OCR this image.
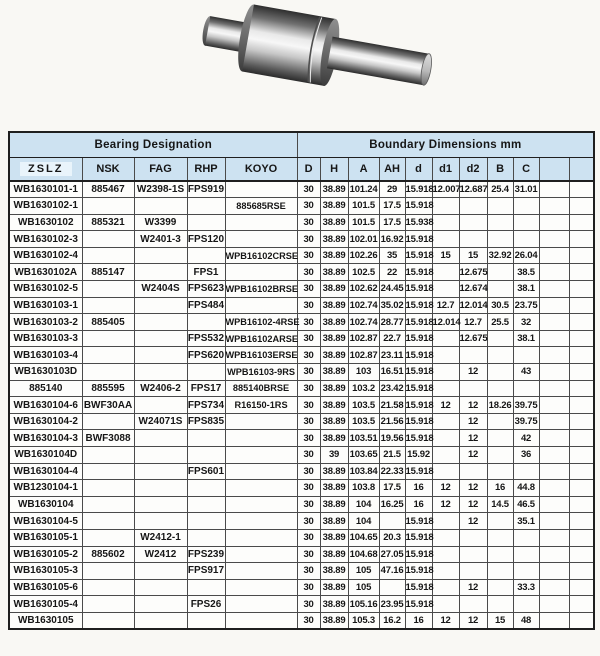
Bearing Designation					Boundary Dimensions mm										
ZSLZ	NSK	FAG	RHP	KOYO	D	H	A	AH	d	d1	d2	B	C		
WB1630101-1	885467	W2398-1S	FPS919		30	38.89	101.24	29	15.918	12.007	12.687	25.4	31.01		
WB1630102-1				885685RSE	30	38.89	101.5	17.5	15.918						
WB1630102	885321	W3399			30	38.89	101.5	17.5	15.938						
WB1630102-3		W2401-3	FPS120		30	38.89	102.01	16.92	15.918						
WB1630102-4				WPB16102CRSE	30	38.89	102.26	35	15.918	15	15	32.92	26.04		
WB1630102A	885147		FPS1		30	38.89	102.5	22	15.918		12.675		38.5		
WB1630102-5		W2404S	FPS623	WPB16102BRSE	30	38.89	102.62	24.45	15.918		12.674		38.1		
WB1630103-1			FPS484		30	38.89	102.74	35.02	15.918	12.7	12.014	30.5	23.75		
WB1630103-2	885405			WPB16102-4RSE	30	38.89	102.74	28.77	15.918	12.014	12.7	25.5	32		
WB1630103-3			FPS532	WPB16102ARSE	30	38.89	102.87	22.7	15.918		12.675		38.1		
WB1630103-4			FPS620	WPB16103ERSE	30	38.89	102.87	23.11	15.918						
WB1630103D				WPB16103-9RS	30	38.89	103	16.51	15.918		12		43		
885140	885595	W2406-2	FPS17	885140BRSE	30	38.89	103.2	23.42	15.918						
WB1630104-6	BWF30AA		FPS734	R16150-1RS	30	38.89	103.5	21.58	15.918	12	12	18.26	39.75		
WB1630104-2		W24071S	FPS835		30	38.89	103.5	21.56	15.918		12		39.75		
WB1630104-3	BWF3088				30	38.89	103.51	19.56	15.918		12		42		
WB1630104D					30	39	103.65	21.5	15.92		12		36		
WB1630104-4			FPS601		30	38.89	103.84	22.33	15.918						
WB1230104-1					30	38.89	103.8	17.5	16	12	12	16	44.8		
WB1630104					30	38.89	104	16.25	16	12	12	14.5	46.5		
WB1630104-5					30	38.89	104		15.918		12		35.1		
WB1630105-1		W2412-1			30	38.89	104.65	20.3	15.918						
WB1630105-2	885602	W2412	FPS239		30	38.89	104.68	27.05	15.918						
WB1630105-3			FPS917		30	38.89	105	47.16	15.918						
WB1630105-6					30	38.89	105		15.918		12		33.3		
WB1630105-4			FPS26		30	38.89	105.16	23.95	15.918						
WB1630105					30	38.89	105.3	16.2	16	12	12	15	48		
